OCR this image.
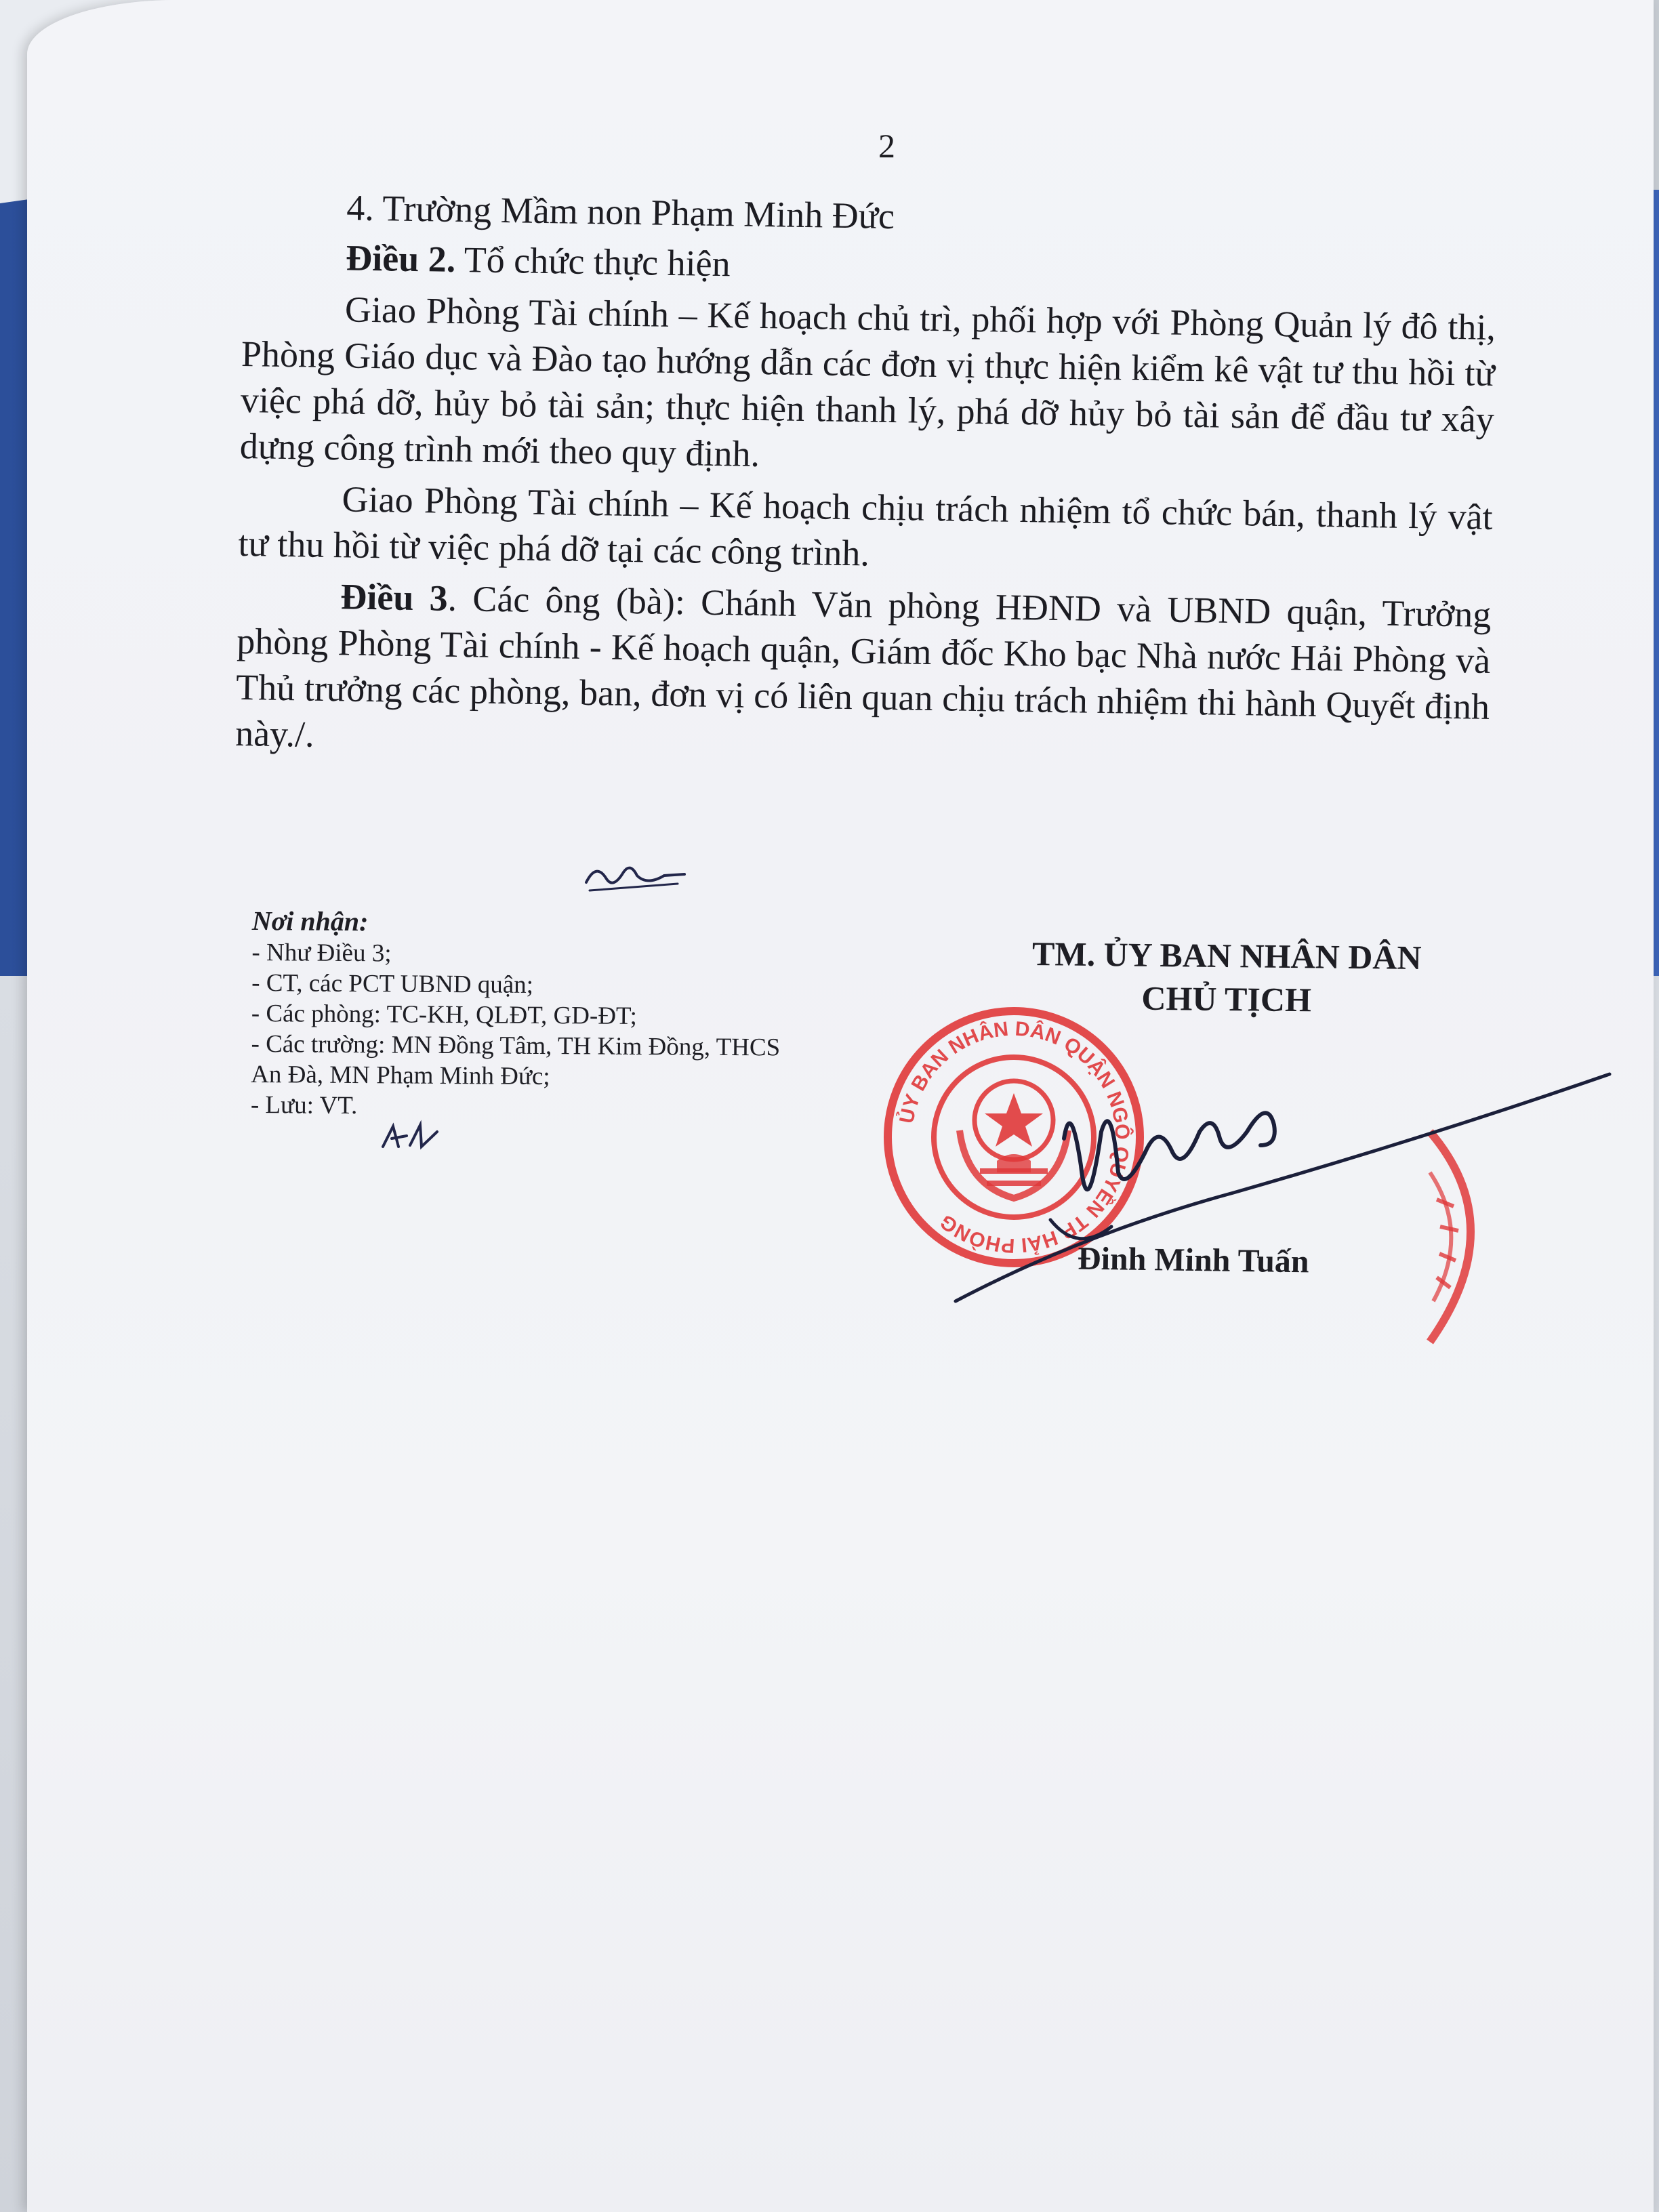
2

4. Trường Mầm non Phạm Minh Đức

Điều 2. Tổ chức thực hiện

Giao Phòng Tài chính – Kế hoạch chủ trì, phối hợp với Phòng Quản lý đô thị, Phòng Giáo dục và Đào tạo hướng dẫn các đơn vị thực hiện kiểm kê vật tư thu hồi từ việc phá dỡ, hủy bỏ tài sản; thực hiện thanh lý, phá dỡ hủy bỏ tài sản để đầu tư xây dựng công trình mới theo quy định.

Giao Phòng Tài chính – Kế hoạch chịu trách nhiệm tổ chức bán, thanh lý vật tư thu hồi từ việc phá dỡ tại các công trình.

Điều 3. Các ông (bà): Chánh Văn phòng HĐND và UBND quận, Trưởng phòng Phòng Tài chính - Kế hoạch quận, Giám đốc Kho bạc Nhà nước Hải Phòng và Thủ trưởng các phòng, ban, đơn vị có liên quan chịu trách nhiệm thi hành Quyết định này./.

Nơi nhận:
- Như Điều 3;
- CT, các PCT UBND quận;
- Các phòng: TC-KH, QLĐT, GD-ĐT;
- Các trường: MN Đồng Tâm, TH Kim Đồng, THCS
An Đà, MN Phạm Minh Đức;
- Lưu: VT.
TM. ỦY BAN NHÂN DÂN
CHỦ TỊCH
ỦY BAN NHÂN DÂN QUẬN NGÔ QUYỀN TP HẢI PHÒNG
Đinh Minh Tuấn
